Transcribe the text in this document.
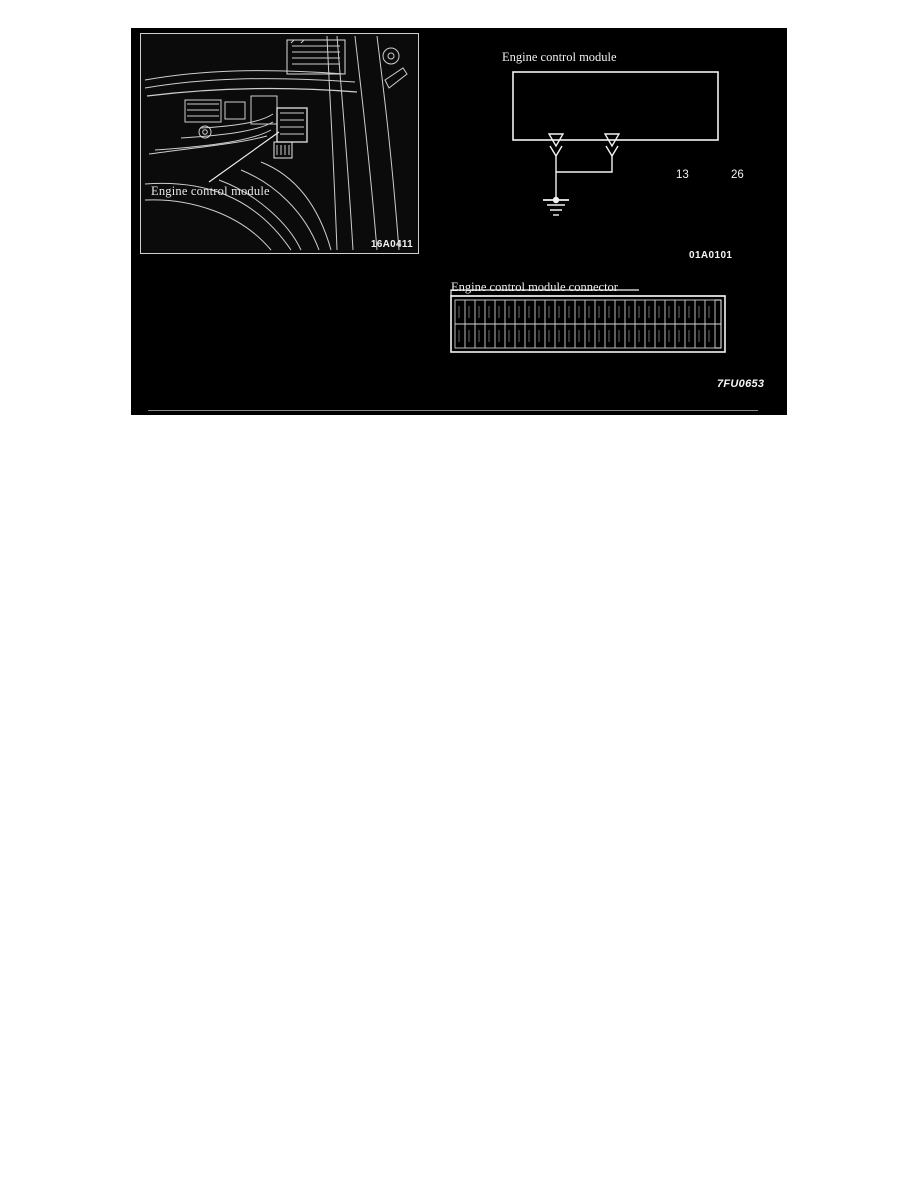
Engine control module
16A0411
Engine control module
13	26
01A0101
Engine control module connector
7FU0653
